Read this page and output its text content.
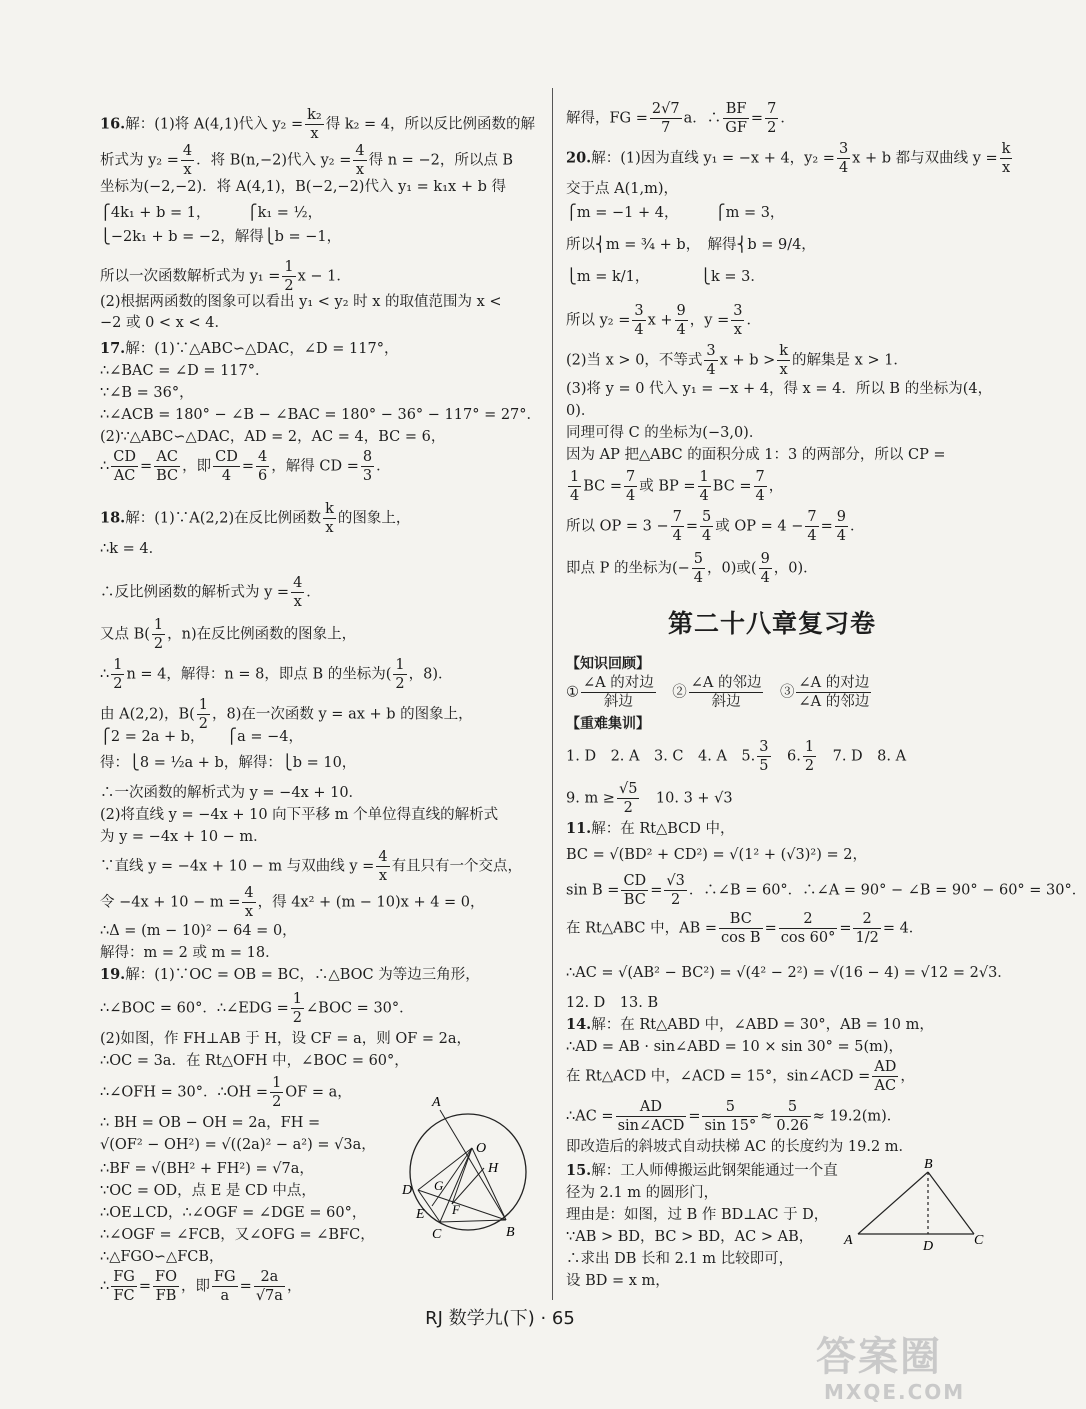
16.解：(1)将 A(4,1)代入 $y_2 = \frac{\text{k₂}}{x}$ 得 k₂ = 4，所以反比例函数的解
析式为 $y_2 = \frac{4}{x}$ ．将 B(n,−2)代入 $y_2 = \frac{4}{x}$ 得 n = −2，所以点 B
坐标为(−2,−2)．将 A(4,1)，B(−2,−2)代入 y₁ = k₁x + b 得
⎧4k₁ + b = 1，　　　⎧k₁ = ½，
⎩−2k₁ + b = −2，解得⎩b = −1，
所以一次函数解析式为 $y_1 = \frac{1}{2}$ x − 1．
(2)根据两函数的图象可以看出 y₁ < y₂ 时 x 的取值范围为 x <
−2 或 0 < x < 4．
17.解：(1)∵△ABC∽△DAC，∠D = 117°，
∴∠BAC = ∠D = 117°．
∵∠B = 36°，
∴∠ACB = 180° − ∠B − ∠BAC = 180° − 36° − 117° = 27°．
(2)∵△ABC∽△DAC，AD = 2，AC = 4，BC = 6，
∴ $\frac{CD}{AC} = \frac{AC}{BC}$ ，即 $\frac{CD}{4} = \frac{4}{6}$ ，解得 CD = $\frac{8}{3}$ ．
18.解：(1)∵A(2,2)在反比例函数 $\frac{k}{x}$ 的图象上，
∴k = 4．
∴反比例函数的解析式为 $y = \frac{4}{x}$ ．
又点 $B( \frac{1}{2}$ ，n)在反比例函数的图象上，
∴ $\frac{1}{2}$ n = 4，解得：n = 8，即点 B 的坐标为( $\frac{1}{2}$ ，8)．
由 A(2,2)，$B( \frac{1}{2}$ ，8)在一次函数 y = ax + b 的图象上，
⎧2 = 2a + b，　　⎧a = −4，
得：⎩8 = ½a + b，解得：⎩b = 10，
∴一次函数的解析式为 y = −4x + 10．
(2)将直线 y = −4x + 10 向下平移 m 个单位得直线的解析式
为 y = −4x + 10 − m．
∵直线 y = −4x + 10 − m 与双曲线 $y = \frac{4}{x}$ 有且只有一个交点，
令 $-4x + 10 - m = \frac{4}{x}$ ，得 4x² + (m − 10)x + 4 = 0，
∴Δ = (m − 10)² − 64 = 0，
解得：m = 2 或 m = 18．
19.解：(1)∵OC = OB = BC，∴△BOC 为等边三角形，
∴∠BOC = 60°．∴∠EDG = $\frac{1}{2}$ ∠BOC = 30°．
(2)如图，作 FH⊥AB 于 H，设 CF = a，则 OF = 2a，
∴OC = 3a．在 Rt△OFH 中，∠BOC = 60°，
∴∠OFH = 30°．∴OH = $\frac{1}{2}$ OF = a，
∴ BH = OB − OH = 2a，FH =
√(OF² − OH²) = √((2a)² − a²) = √3a，
∴BF = √(BH² + FH²) = √7a，
∵OC = OD，点 E 是 CD 中点，
∴OE⊥CD，∴∠OGF = ∠DGE = 60°，
∴∠OGF = ∠FCB，又∠OFG = ∠BFC，
∴△FGO∽△FCB，
∴ $\frac{FG}{FC} = \frac{FO}{FB}$ ，即 $\frac{FG}{a} = \frac{2a}{√7a}$ ，
A
O
H
D G
E F
C	B
解得，FG = $\frac{2√7}{7}$ a．∴ $\frac{BF}{GF} = \frac{7}{2}$ ．
20.解：(1)因为直线 y₁ = −x + 4，$y_2 = \frac{3}{4}$ x + b 都与双曲线 $y = \frac{k}{x}$
交于点 A(1,m)，
⎧m = −1 + 4，　　　⎧m = 3，
所以⎨m = ¾ + b，　解得⎨b = 9/4，
⎩m = k/1，　　　　⎩k = 3．
所以 $y_2 = \frac{3}{4}$ $x + \frac{9}{4}$ ，$y = \frac{3}{x}$ ．
(2)当 x > 0，不等式 $\frac{3}{4}$ $x + b > \frac{k}{x}$ 的解集是 x > 1．
(3)将 y = 0 代入 y₁ = −x + 4，得 x = 4．所以 B 的坐标为(4，
0)．
同理可得 C 的坐标为(−3,0)．
因为 AP 把△ABC 的面积分成 1：3 的两部分，所以 CP =
$\frac{1}{4}$ BC = $\frac{7}{4}$ 或 BP = $\frac{1}{4}$ BC = $\frac{7}{4}$ ，
所以 OP = $3 - \frac{7}{4} = \frac{5}{4}$ 或 OP = $4 - \frac{7}{4} = \frac{9}{4}$ ．
即点 P 的坐标为(− $\frac{5}{4}$ ，0)或( $\frac{9}{4}$ ，0)．
第二十八章复习卷
【知识回顾】
① $\frac{\text{∠A 的对边}}{\text{斜边}}$
　 ② $\frac{\text{∠A 的邻边}}{\text{斜边}}$
　 ③ $\frac{\text{∠A 的对边}}{\text{∠A 的邻边}}$
【重难集训】
1. D　2. A　3. C　4. A　5. $\frac{3}{5}$ 　6. $\frac{1}{2}$ 　7. D　8. A
9. $m \ge \frac{√5}{2}$ 　10. 3 + √3
11.解：在 Rt△BCD 中，
BC = √(BD² + CD²) = √(1² + (√3)²) = 2，
$\sin B = \frac{CD}{BC} = \frac{√3}{2}$ ．∴∠B = 60°．∴∠A = 90° − ∠B = 90° − 60° = 30°．
在 Rt△ABC 中，AB = $\frac{BC}{\text{cos B}} = \frac{2}{\cos 60^\circ} = \frac{2}{1/2} = 4$．
∴AC = √(AB² − BC²) = √(4² − 2²) = √(16 − 4) = √12 = 2√3．
12. D　13. B
14.解：在 Rt△ABD 中，∠ABD = 30°，AB = 10 m，
∴AD = AB · sin∠ABD = 10 × sin 30° = 5(m)，
在 Rt△ACD 中，∠ACD = 15°，sin∠ACD = $\frac{AD}{AC}$ ，
∴AC = $\frac{AD}{\text{sin∠ACD}} = \frac{5}{\sin 15^\circ} \approx \frac{5}{0.26} \approx 19.2(m)$．
即改造后的斜坡式自动扶梯 AC 的长度约为 19.2 m．
15.解：工人师傅搬运此钢架能通过一个直
径为 2.1 m 的圆形门，
理由是：如图，过 B 作 BD⊥AC 于 D，
∵AB > BD，BC > BD，AC > AB，
∴求出 DB 长和 2.1 m 比较即可，
设 BD = x m，
B
A	D	C
RJ 数学九(下) · 65
答案圈
MXQE.COM
